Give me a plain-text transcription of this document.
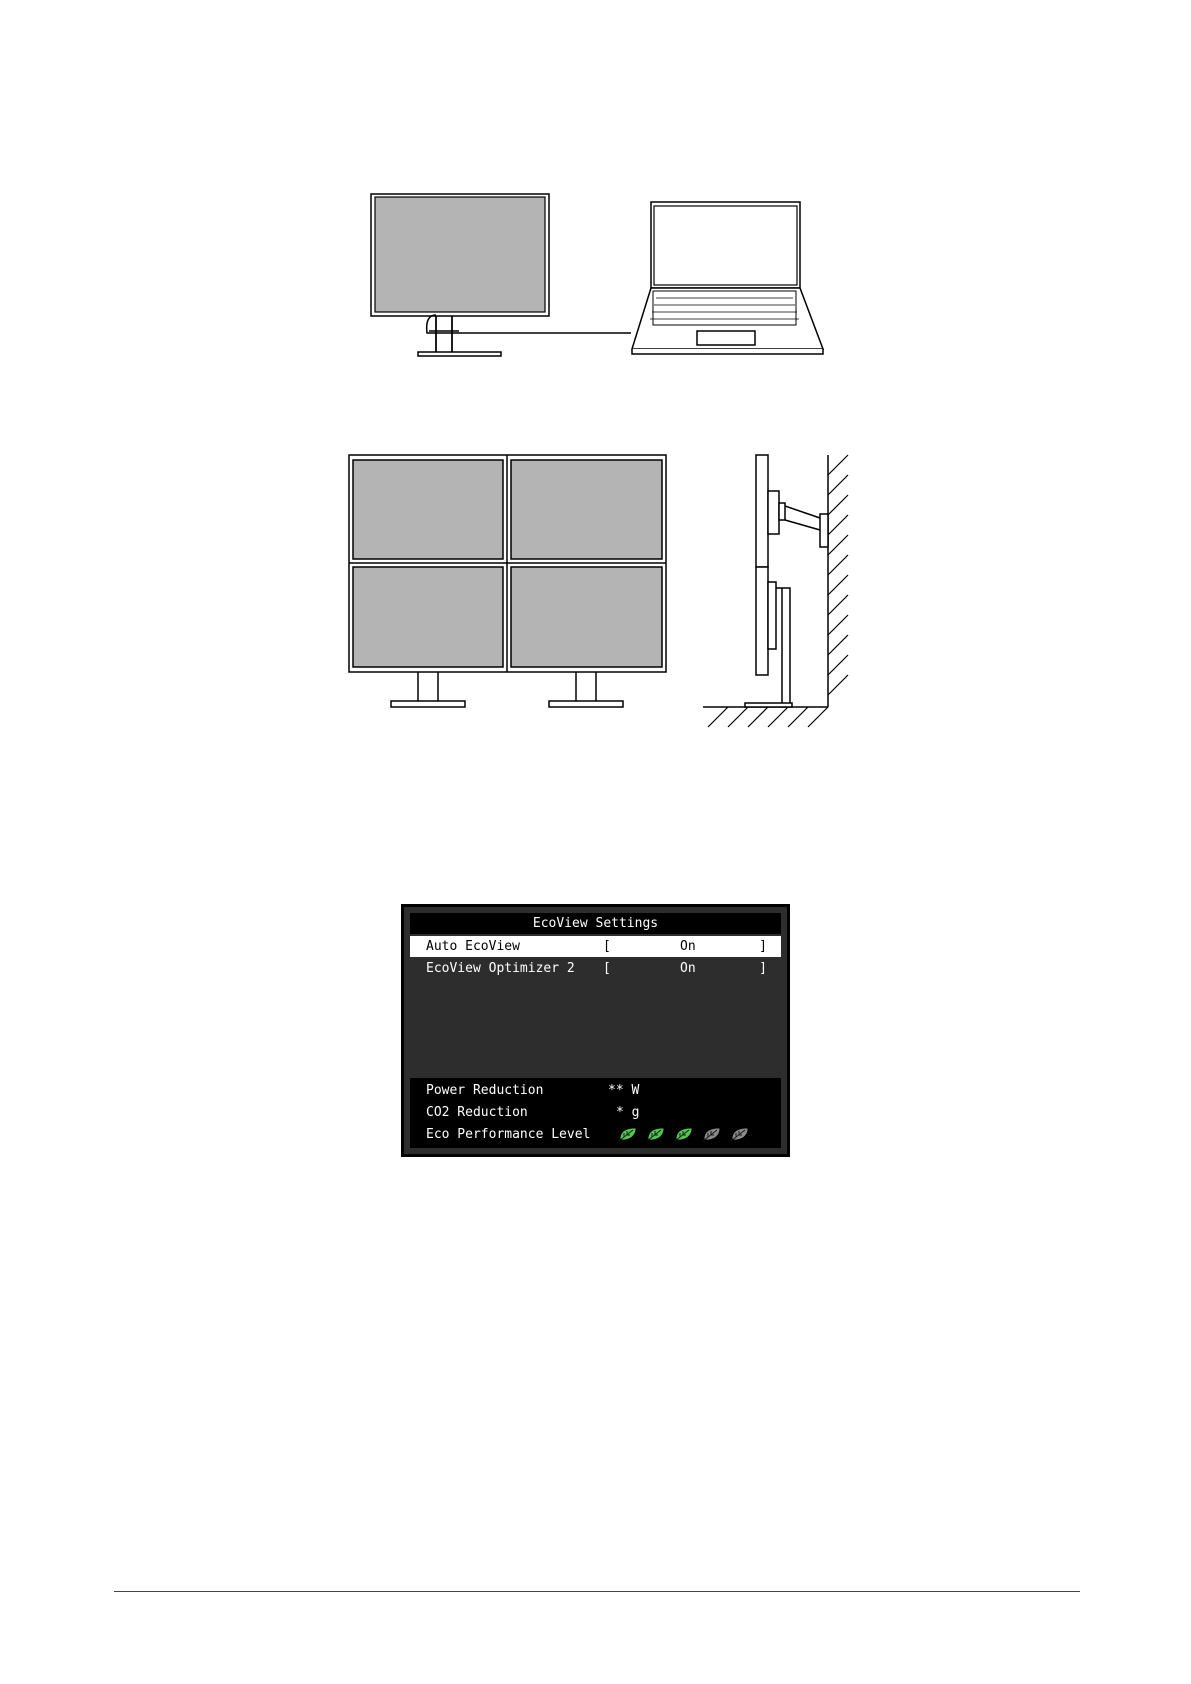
EcoView Settings
Auto EcoView	[	On	]
EcoView Optimizer 2 [	On	]
Power Reduction	** W
CO2 Reduction	* g
Eco Performance Level
